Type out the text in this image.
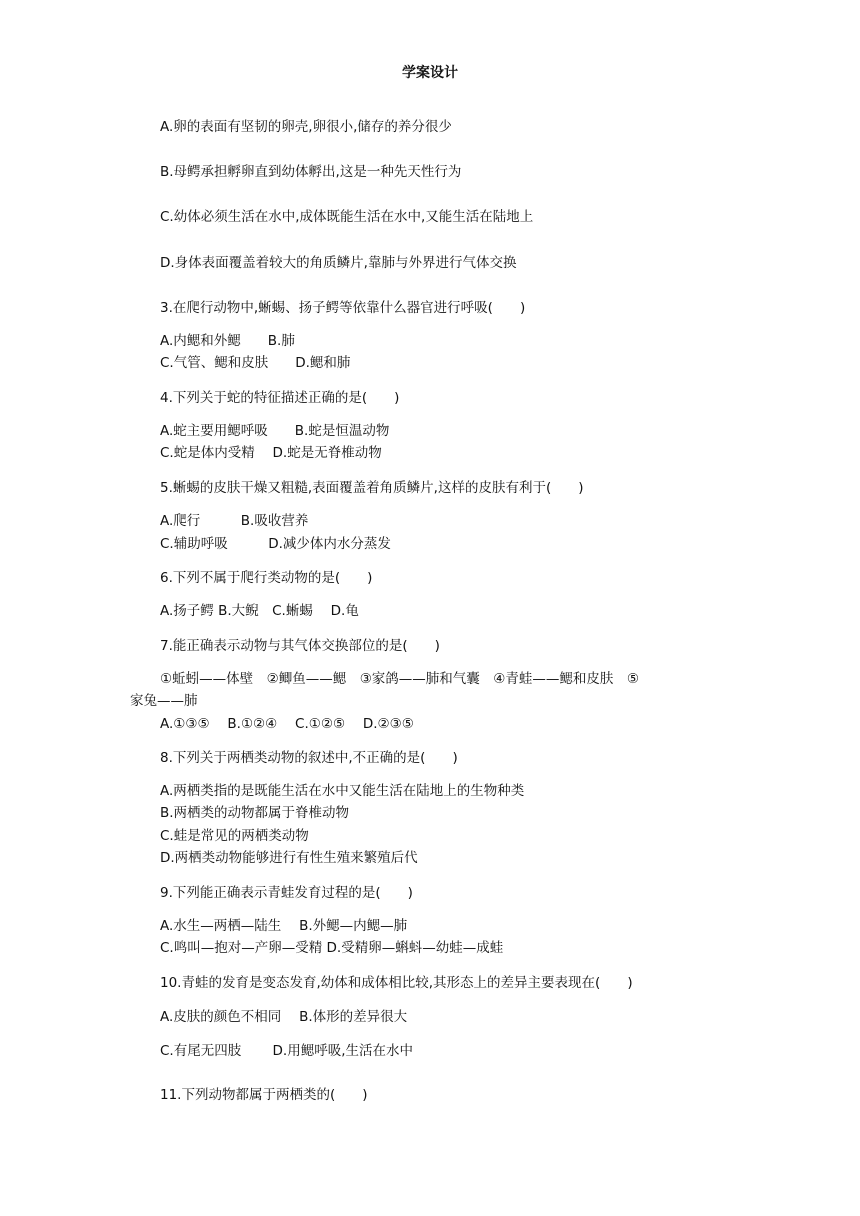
学案设计
A.卵的表面有坚韧的卵壳,卵很小,储存的养分很少
B.母鳄承担孵卵直到幼体孵出,这是一种先天性行为
C.幼体必须生活在水中,成体既能生活在水中,又能生活在陆地上
D.身体表面覆盖着较大的角质鳞片,靠肺与外界进行气体交换
3.在爬行动物中,蜥蜴、扬子鳄等依靠什么器官进行呼吸(　　)
A.内鳃和外鳃　　B.肺
C.气管、鳃和皮肤　　D.鳃和肺
4.下列关于蛇的特征描述正确的是(　　)
A.蛇主要用鳃呼吸　　B.蛇是恒温动物
C.蛇是体内受精　 D.蛇是无脊椎动物
5.蜥蜴的皮肤干燥又粗糙,表面覆盖着角质鳞片,这样的皮肤有利于(　　)
A.爬行　　　B.吸收营养
C.辅助呼吸　　　D.减少体内水分蒸发
6.下列不属于爬行类动物的是(　　)
A.扬子鳄 B.大鲵　C.蜥蜴　 D.龟
7.能正确表示动物与其气体交换部位的是(　　)
①蚯蚓——体壁　②鲫鱼——鳃　③家鸽——肺和气囊　④青蛙——鳃和皮肤　⑤
家兔——肺
A.①③⑤　 B.①②④　 C.①②⑤　 D.②③⑤
8.下列关于两栖类动物的叙述中,不正确的是(　　)
A.两栖类指的是既能生活在水中又能生活在陆地上的生物种类
B.两栖类的动物都属于脊椎动物
C.蛙是常见的两栖类动物
D.两栖类动物能够进行有性生殖来繁殖后代
9.下列能正确表示青蛙发育过程的是(　　)
A.水生—两栖—陆生　 B.外鳃—内鳃—肺
C.鸣叫—抱对—产卵—受精 D.受精卵—蝌蚪—幼蛙—成蛙
10.青蛙的发育是变态发育,幼体和成体相比较,其形态上的差异主要表现在(　　)
A.皮肤的颜色不相同　 B.体形的差异很大
C.有尾无四肢　　 D.用鳃呼吸,生活在水中
11.下列动物都属于两栖类的(　　)
